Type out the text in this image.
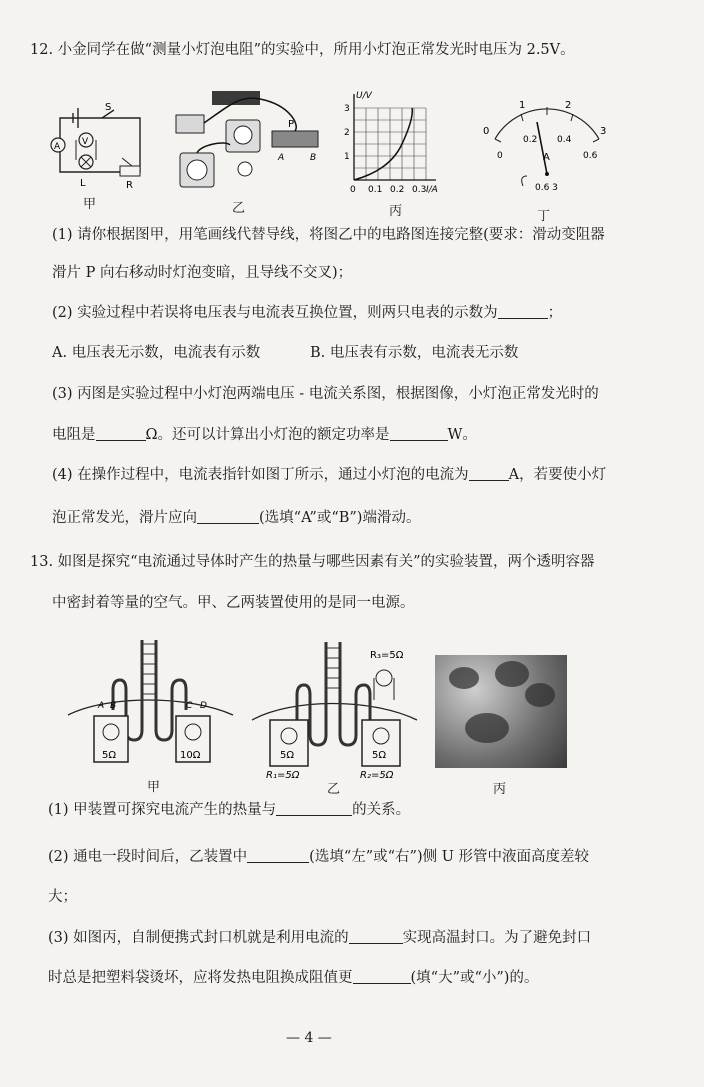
12. 小金同学在做“测量小灯泡电阻”的实验中，所用小灯泡正常发光时电压为 2.5V。
A V
S
L	R
甲
P
A	B
乙
U/V
I/A
1
2
3
0 0.1 0.2 0.3
丙
0
1	2
3
0
0.2 0.4
0.6
A
0.6 3
丁
(1) 请你根据图甲，用笔画线代替导线，将图乙中的电路图连接完整(要求：滑动变阻器
滑片 P 向右移动时灯泡变暗，且导线不交叉)；
(2) 实验过程中若误将电压表与电流表互换位置，则两只电表的示数为	；
A. 电压表无示数，电流表有示数	B. 电压表有示数，电流表无示数
(3) 丙图是实验过程中小灯泡两端电压 - 电流关系图，根据图像，小灯泡正常发光时的
电阻是	Ω。还可以计算出小灯泡的额定功率是	W。
(4) 在操作过程中，电流表指针如图丁所示，通过小灯泡的电流为	A，若要使小灯
泡正常发光，滑片应向	(选填“A”或“B”)端滑动。
13. 如图是探究“电流通过导体时产生的热量与哪些因素有关”的实验装置，两个透明容器
中密封着等量的空气。甲、乙两装置使用的是同一电源。
A B	C D
5Ω	10Ω
甲
R₃=5Ω
5Ω	5Ω
R₁=5Ω	R₂=5Ω
乙	丙
(1) 甲装置可探究电流产生的热量与	的关系。
(2) 通电一段时间后，乙装置中	(选填“左”或“右”)侧 U 形管中液面高度差较
大；
(3) 如图丙，自制便携式封口机就是利用电流的	实现高温封口。为了避免封口
时总是把塑料袋烫坏，应将发热电阻换成阻值更	(填“大”或“小”)的。
— 4 —
